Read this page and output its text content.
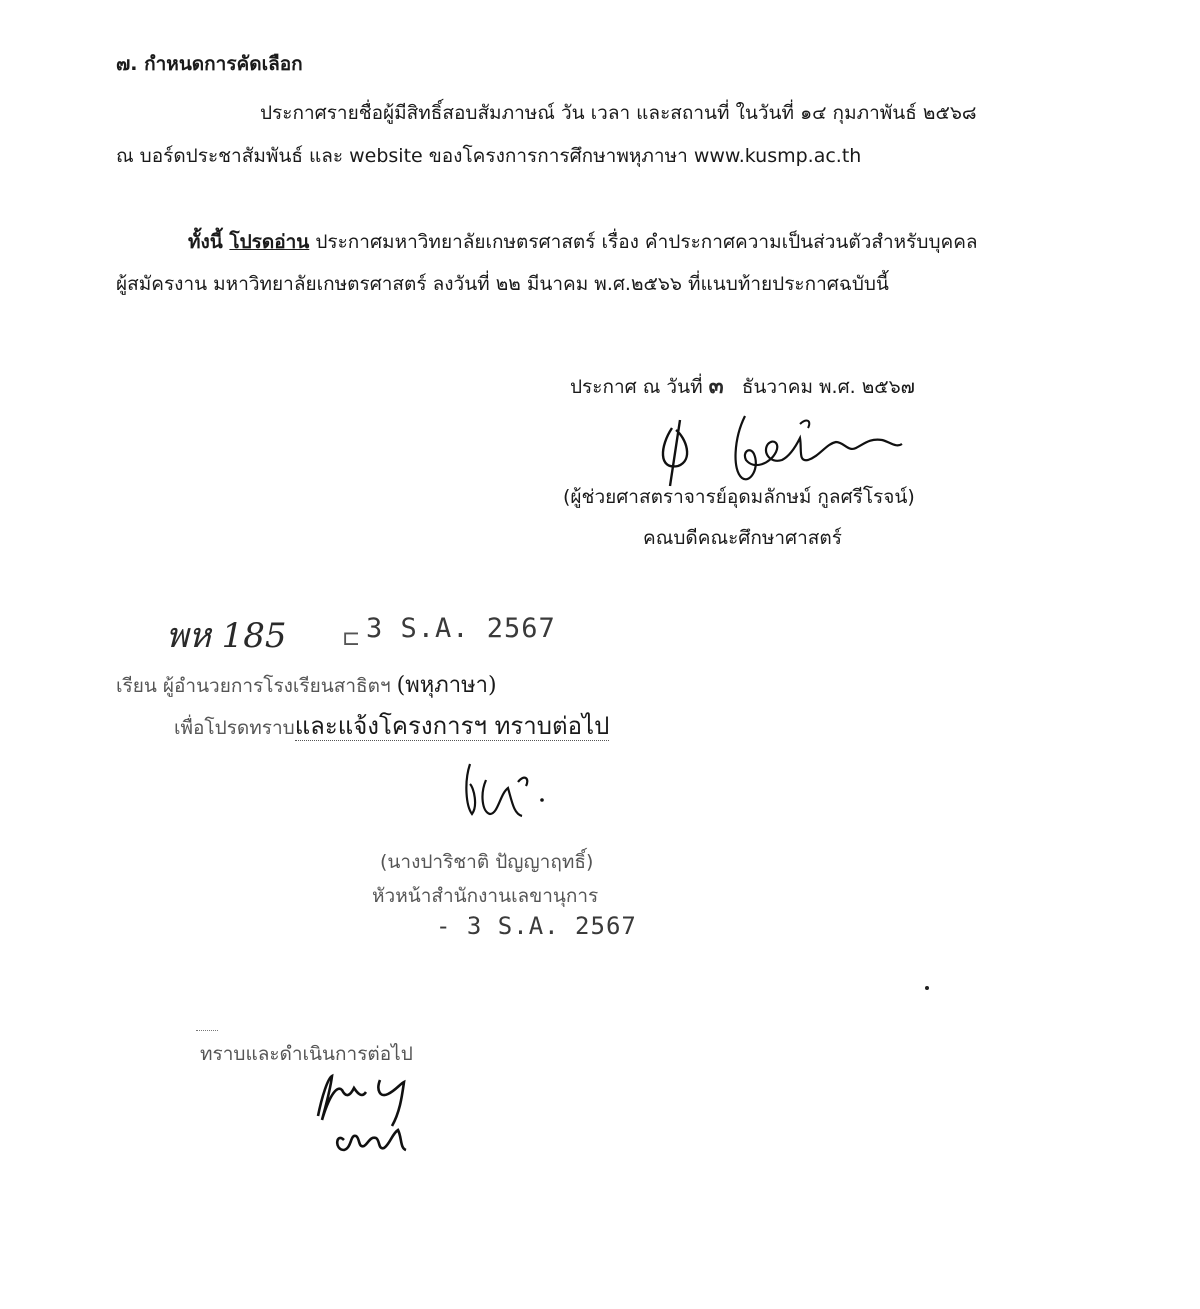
๗. กำหนดการคัดเลือก
ประกาศรายชื่อผู้มีสิทธิ์สอบสัมภาษณ์ วัน เวลา และสถานที่ ในวันที่ ๑๔ กุมภาพันธ์ ๒๕๖๘
ณ บอร์ดประชาสัมพันธ์ และ website ของโครงการการศึกษาพหุภาษา www.kusmp.ac.th
ทั้งนี้ โปรดอ่าน ประกาศมหาวิทยาลัยเกษตรศาสตร์ เรื่อง คำประกาศความเป็นส่วนตัวสำหรับบุคคล
ผู้สมัครงาน มหาวิทยาลัยเกษตรศาสตร์ ลงวันที่ ๒๒ มีนาคม พ.ศ.๒๕๖๖ ที่แนบท้ายประกาศฉบับนี้
ประกาศ ณ วันที่ ๓ ธันวาคม พ.ศ. ๒๕๖๗
(ผู้ช่วยศาสตราจารย์อุดมลักษม์ กูลศรีโรจน์)
คณบดีคณะศึกษาศาสตร์
พห 185	⊏ 3 S.A. 2567
เรียน ผู้อำนวยการโรงเรียนสาธิตฯ (พหุภาษา)
เพื่อโปรดทราบและแจ้งโครงการฯ ทราบต่อไป
(นางปาริชาติ ปัญญาฤทธิ์)
หัวหน้าสำนักงานเลขานุการ
- 3 S.A. 2567
ทราบและดำเนินการต่อไป
